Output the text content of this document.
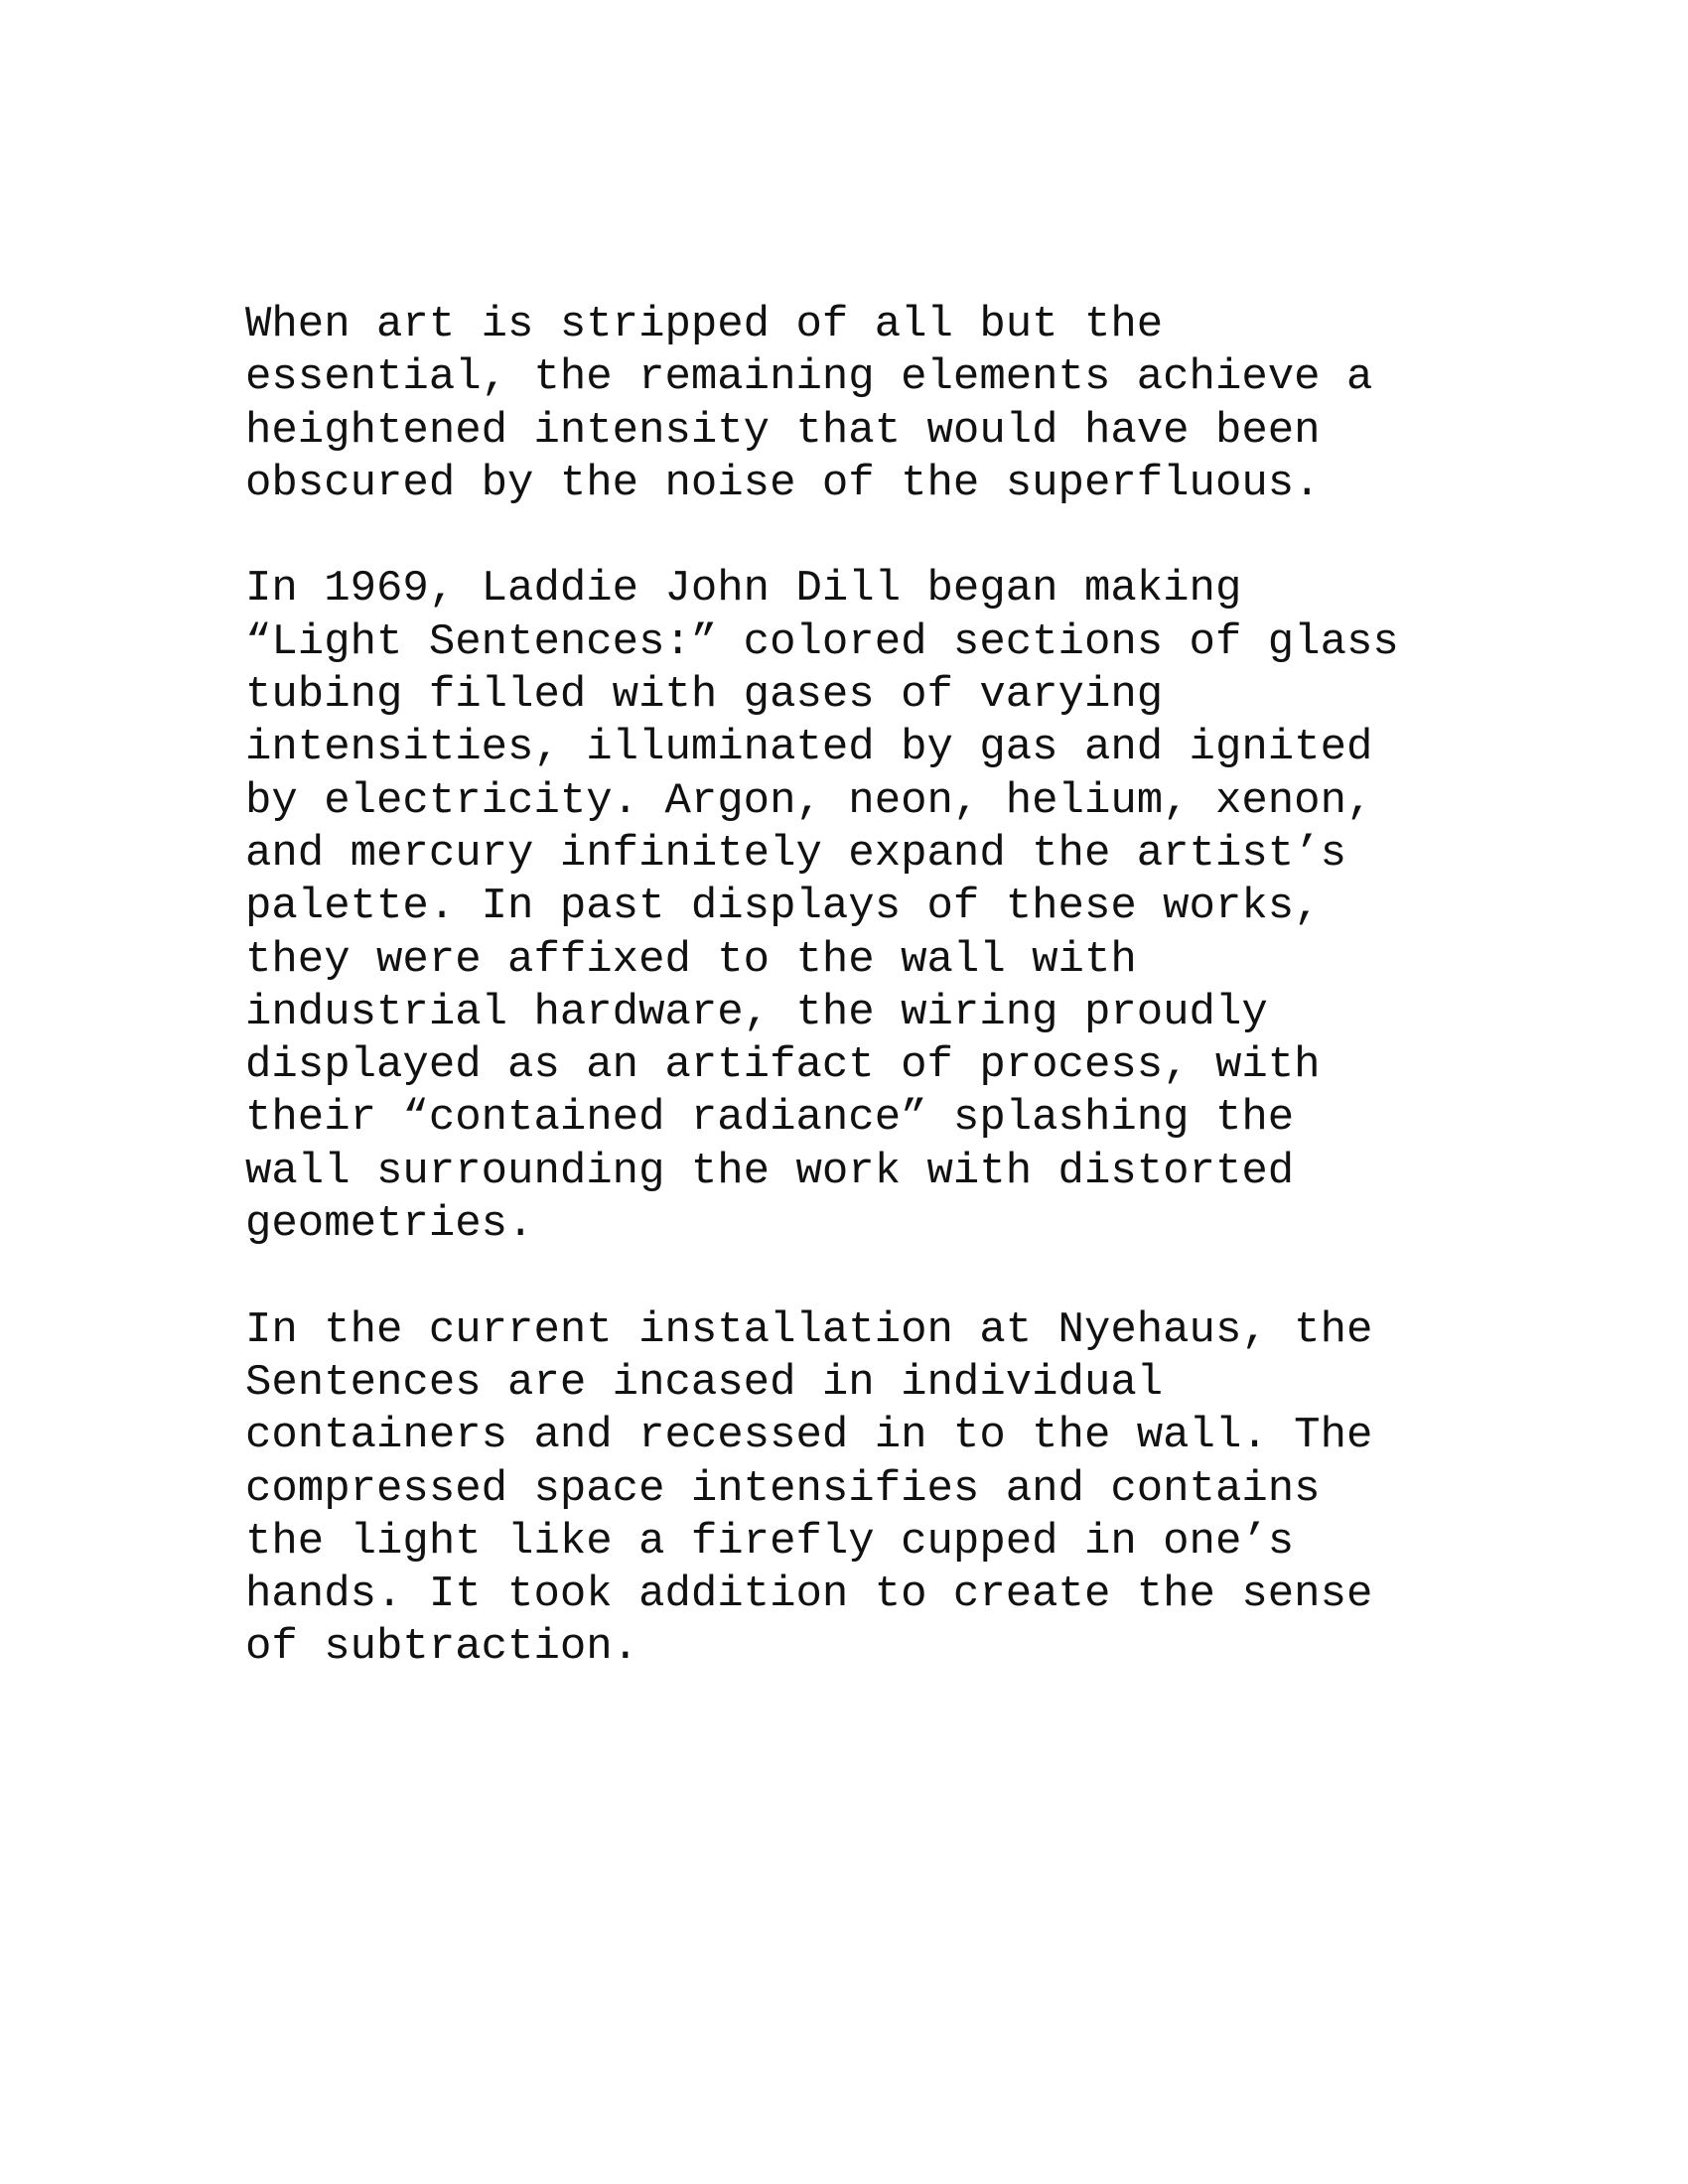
When art is stripped of all but the
essential, the remaining elements achieve a
heightened intensity that would have been
obscured by the noise of the superfluous.
In 1969, Laddie John Dill began making
“Light Sentences:” colored sections of glass
tubing filled with gases of varying
intensities, illuminated by gas and ignited
by electricity. Argon, neon, helium, xenon,
and mercury infinitely expand the artist’s
palette. In past displays of these works,
they were affixed to the wall with
industrial hardware, the wiring proudly
displayed as an artifact of process, with
their “contained radiance” splashing the
wall surrounding the work with distorted
geometries.
In the current installation at Nyehaus, the
Sentences are incased in individual
containers and recessed in to the wall. The
compressed space intensifies and contains
the light like a firefly cupped in one’s
hands. It took addition to create the sense
of subtraction.
